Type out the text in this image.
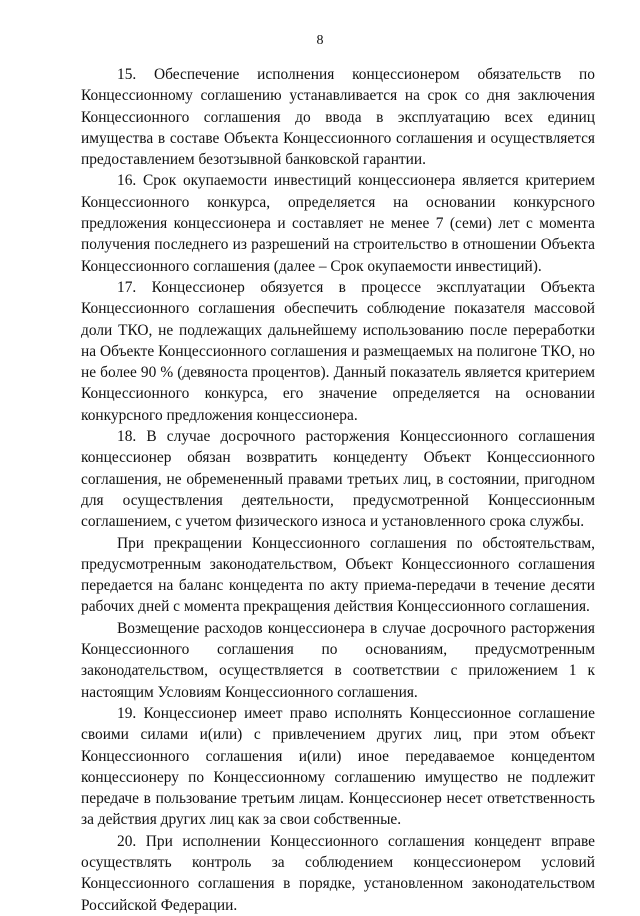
8

15. Обеспечение исполнения концессионером обязательств по Концессионному соглашению устанавливается на срок со дня заключения Концессионного соглашения до ввода в эксплуатацию всех единиц имущества в составе Объекта Концессионного соглашения и осуществляется предоставлением безотзывной банковской гарантии.

16. Срок окупаемости инвестиций концессионера является критерием Концессионного конкурса, определяется на основании конкурсного предложения концессионера и составляет не менее 7 (семи) лет с момента получения последнего из разрешений на строительство в отношении Объекта Концессионного соглашения (далее – Срок окупаемости инвестиций).

17. Концессионер обязуется в процессе эксплуатации Объекта Концессионного соглашения обеспечить соблюдение показателя массовой доли ТКО, не подлежащих дальнейшему использованию после переработки на Объекте Концессионного соглашения и размещаемых на полигоне ТКО, но не более 90 % (девяноста процентов). Данный показатель является критерием Концессионного конкурса, его значение определяется на основании конкурсного предложения концессионера.

18. В случае досрочного расторжения Концессионного соглашения концессионер обязан возвратить концеденту Объект Концессионного соглашения, не обремененный правами третьих лиц, в состоянии, пригодном для осуществления деятельности, предусмотренной Концессионным соглашением, с учетом физического износа и установленного срока службы.

При прекращении Концессионного соглашения по обстоятельствам, предусмотренным законодательством, Объект Концессионного соглашения передается на баланс концедента по акту приема-передачи в течение десяти рабочих дней с момента прекращения действия Концессионного соглашения.

Возмещение расходов концессионера в случае досрочного расторжения Концессионного соглашения по основаниям, предусмотренным законодательством, осуществляется в соответствии с приложением 1 к настоящим Условиям Концессионного соглашения.

19. Концессионер имеет право исполнять Концессионное соглашение своими силами и(или) с привлечением других лиц, при этом объект Концессионного соглашения и(или) иное передаваемое концедентом концессионеру по Концессионному соглашению имущество не подлежит передаче в пользование третьим лицам. Концессионер несет ответственность за действия других лиц как за свои собственные.

20. При исполнении Концессионного соглашения концедент вправе осуществлять контроль за соблюдением концессионером условий Концессионного соглашения в порядке, установленном законодательством Российской Федерации.
